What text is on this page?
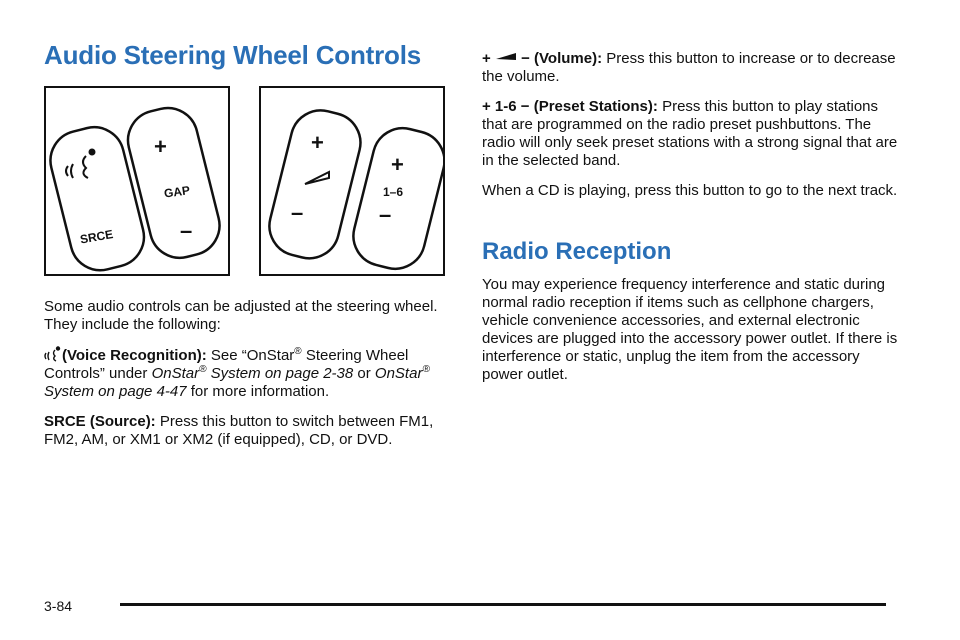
Audio Steering Wheel Controls
SRCE
+
GAP
–
+
–
+
1–6
–

Some audio controls can be adjusted at the steering wheel. They include the following:

(Voice Recognition): See “OnStar® Steering Wheel Controls” under OnStar® System on page 2-38 or OnStar® System on page 4-47 for more information.

SRCE (Source): Press this button to switch between FM1, FM2, AM, or XM1 or XM2 (if equipped), CD, or DVD.

+  − (Volume): Press this button to increase or to decrease the volume.

+ 1-6 − (Preset Stations): Press this button to play stations that are programmed on the radio preset pushbuttons. The radio will only seek preset stations with a strong signal that are in the selected band.

When a CD is playing, press this button to go to the next track.

Radio Reception

You may experience frequency interference and static during normal radio reception if items such as cellphone chargers, vehicle convenience accessories, and external electronic devices are plugged into the accessory power outlet. If there is interference or static, unplug the item from the accessory power outlet.

3-84
